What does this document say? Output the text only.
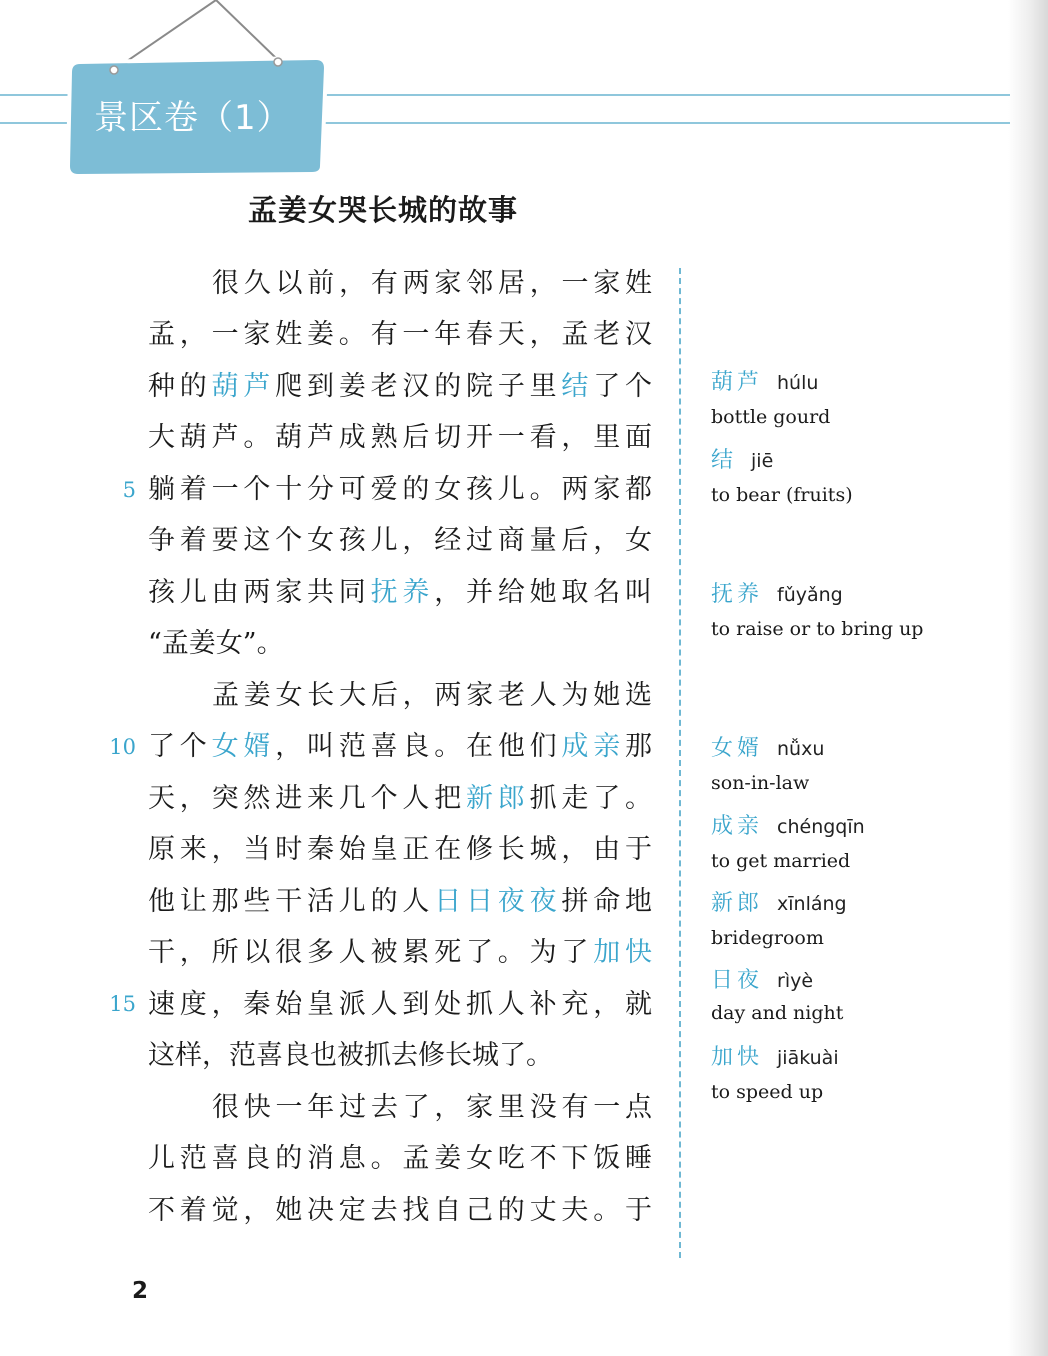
景区卷（1）
孟姜女哭长城的故事
很久以前，有两家邻居，一家姓
孟，一家姓姜。有一年春天，孟老汉
种的葫芦爬到姜老汉的院子里结了个
大葫芦。葫芦成熟后切开一看，里面
躺着一个十分可爱的女孩儿。两家都
争着要这个女孩儿，经过商量后，女
孩儿由两家共同抚养，并给她取名叫
“孟姜女”。
孟姜女长大后，两家老人为她选
了个女婿，叫范喜良。在他们成亲那
天，突然进来几个人把新郎抓走了。
原来，当时秦始皇正在修长城，由于
他让那些干活儿的人日日夜夜拼命地
干，所以很多人被累死了。为了加快
速度，秦始皇派人到处抓人补充，就
这样，范喜良也被抓去修长城了。
很快一年过去了，家里没有一点
儿范喜良的消息。孟姜女吃不下饭睡
不着觉，她决定去找自己的丈夫。于
5
10
15
葫芦 húlu
bottle gourd
结 jiē
to bear (fruits)
抚养 fǔyǎng
to raise or to bring up
女婿 nǚxu
son-in-law
成亲 chéngqīn
to get married
新郎 xīnláng
bridegroom
日夜 rìyè
day and night
加快 jiākuài
to speed up
2
